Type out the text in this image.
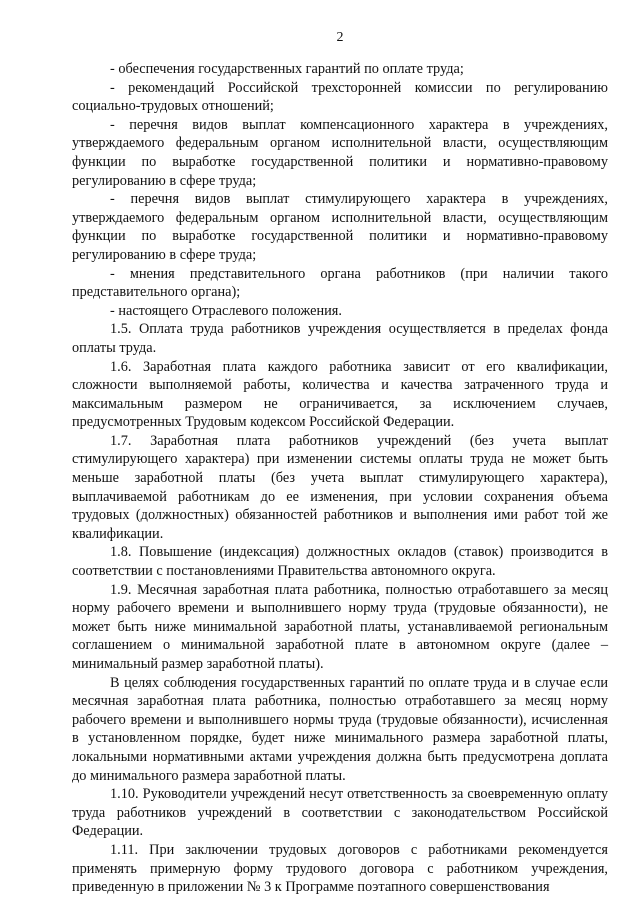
2

- обеспечения государственных гарантий по оплате труда;

- рекомендаций Российской трехсторонней комиссии по регулированию социально-трудовых отношений;

- перечня видов выплат компенсационного характера в учреждениях, утверждаемого федеральным органом исполнительной власти, осуществляющим функции по выработке государственной политики и нормативно-правовому регулированию в сфере труда;

- перечня видов выплат стимулирующего характера в учреждениях, утверждаемого федеральным органом исполнительной власти, осуществляющим функции по выработке государственной политики и нормативно-правовому регулированию в сфере труда;

- мнения представительного органа работников (при наличии такого представительного органа);

- настоящего Отраслевого положения.

1.5. Оплата труда работников учреждения осуществляется в пределах фонда оплаты труда.

1.6. Заработная плата каждого работника зависит от его квалификации, сложности выполняемой работы, количества и качества затраченного труда и максимальным размером не ограничивается, за исключением случаев, предусмотренных Трудовым кодексом Российской Федерации.

1.7. Заработная плата работников учреждений (без учета выплат стимулирующего характера) при изменении системы оплаты труда не может быть меньше заработной платы (без учета выплат стимулирующего характера), выплачиваемой работникам до ее изменения, при условии сохранения объема трудовых (должностных) обязанностей работников и выполнения ими работ той же квалификации.

1.8. Повышение (индексация) должностных окладов (ставок) производится в соответствии с постановлениями Правительства автономного округа.

1.9. Месячная заработная плата работника, полностью отработавшего за месяц норму рабочего времени и выполнившего норму труда (трудовые обязанности), не может быть ниже минимальной заработной платы, устанавливаемой региональным соглашением о минимальной заработной плате в автономном округе (далее – минимальный размер заработной платы).

В целях соблюдения государственных гарантий по оплате труда и в случае если месячная заработная плата работника, полностью отработавшего за месяц норму рабочего времени и выполнившего нормы труда (трудовые обязанности), исчисленная в установленном порядке, будет ниже минимального размера заработной платы, локальными нормативными актами учреждения должна быть предусмотрена доплата до минимального размера заработной платы.

1.10. Руководители учреждений несут ответственность за своевременную оплату труда работников учреждений в соответствии с законодательством Российской Федерации.

1.11. При заключении трудовых договоров с работниками рекомендуется применять примерную форму трудового договора с работником учреждения, приведенную в приложении № 3 к Программе поэтапного совершенствования
